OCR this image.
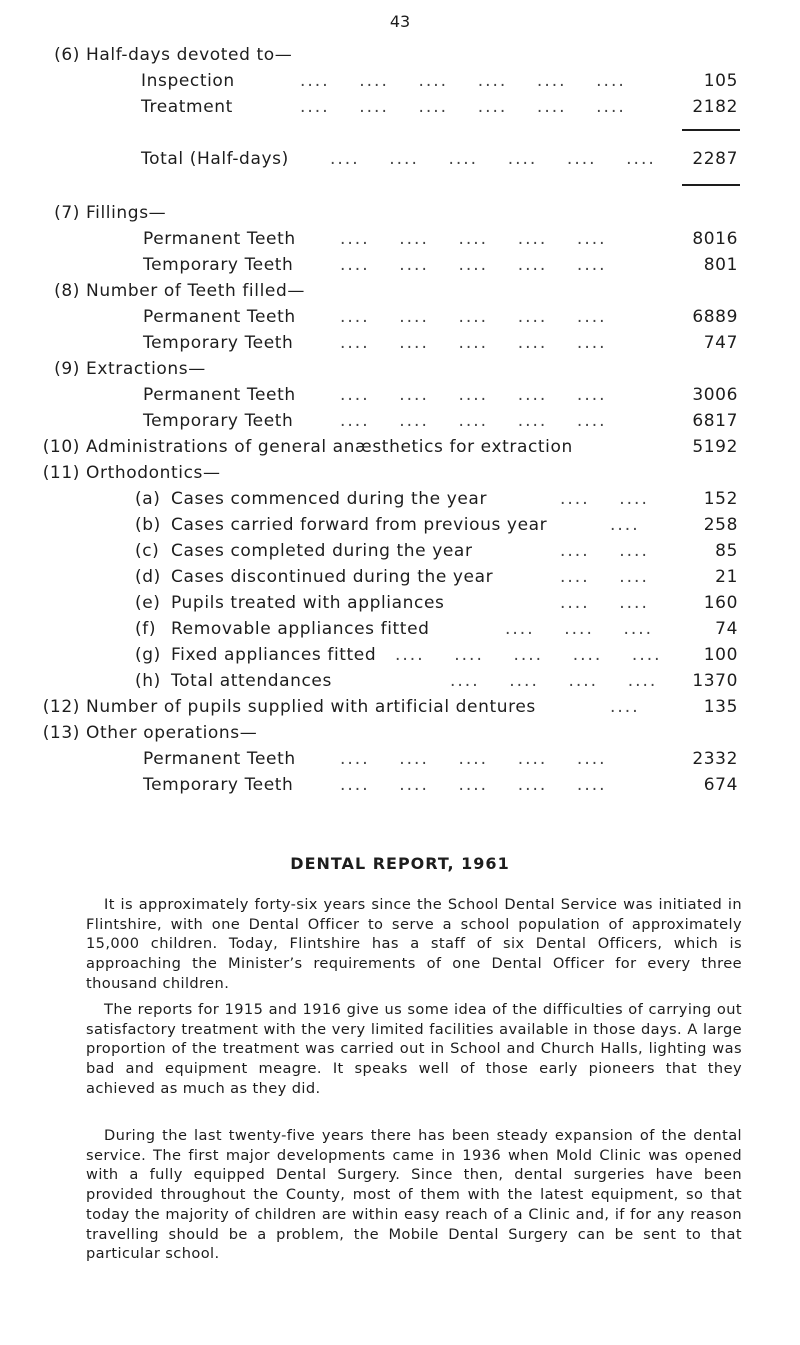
43
(6) Half-days devoted to—
Inspection	....    ....    ....    ....    ....    ....	105
Treatment	....    ....    ....    ....    ....    ....	2182
Total (Half-days) ....    ....    ....    ....    ....    .... 2287
(7) Fillings—
Permanent Teeth	....    ....    ....    ....    ....	8016
Temporary Teeth	....    ....    ....    ....    ....	801
(8) Number of Teeth filled—
Permanent Teeth	....    ....    ....    ....    ....	6889
Temporary Teeth	....    ....    ....    ....    ....	747
(9) Extractions—
Permanent Teeth	....    ....    ....    ....    ....	3006
Temporary Teeth	....    ....    ....    ....    ....	6817
(10) Administrations of general anæsthetics for extraction	5192
(11) Orthodontics—
(a) Cases commenced during the year	....    ....	152
(b) Cases carried forward from previous year	....	258
(c) Cases completed during the year	....    ....	85
(d) Cases discontinued during the year	....    ....	21
(e) Pupils treated with appliances	....    ....	160
(f) Removable appliances fitted	....    ....    ....	74
(g) Fixed appliances fitted ....    ....    ....    ....    .... 100
(h) Total attendances	....    ....    ....    .... 1370
(12) Number of pupils supplied with artificial dentures	....	135
(13) Other operations—
Permanent Teeth	....    ....    ....    ....    ....	2332
Temporary Teeth	....    ....    ....    ....    ....	674
DENTAL REPORT, 1961

It is approximately forty-six years since the School Dental Service was initiated in Flintshire, with one Dental Officer to serve a school population of approximately 15,000 children. Today, Flintshire has a staff of six Dental Officers, which is approaching the Minister’s requirements of one Dental Officer for every three thousand children.

The reports for 1915 and 1916 give us some idea of the difficulties of carrying out satisfactory treatment with the very limited facilities available in those days. A large proportion of the treatment was carried out in School and Church Halls, lighting was bad and equipment meagre. It speaks well of those early pioneers that they achieved as much as they did.

During the last twenty-five years there has been steady expansion of the dental service. The first major developments came in 1936 when Mold Clinic was opened with a fully equipped Dental Surgery. Since then, dental surgeries have been provided throughout the County, most of them with the latest equipment, so that today the majority of children are within easy reach of a Clinic and, if for any reason travelling should be a problem, the Mobile Dental Surgery can be sent to that particular school.
